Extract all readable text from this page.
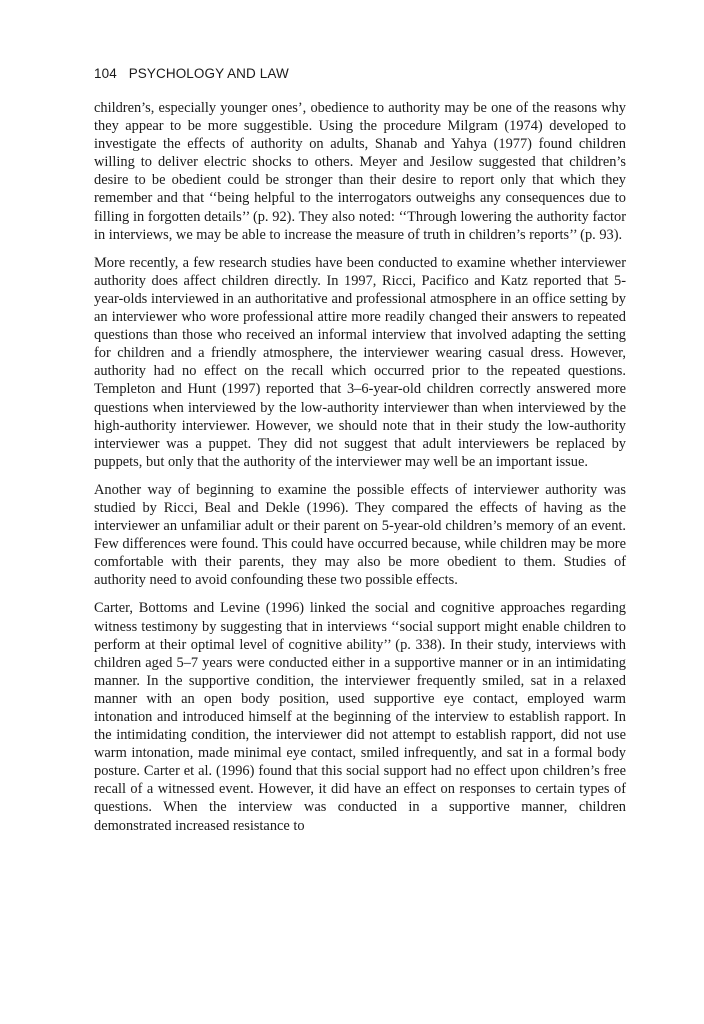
104 PSYCHOLOGY AND LAW

children’s, especially younger ones’, obedience to authority may be one of the reasons why they appear to be more suggestible. Using the procedure Milgram (1974) developed to investigate the effects of authority on adults, Shanab and Yahya (1977) found children willing to deliver electric shocks to others. Meyer and Jesilow suggested that children’s desire to be obedient could be stronger than their desire to report only that which they remember and that ‘‘being helpful to the interrogators outweighs any consequences due to filling in forgotten details’’ (p. 92). They also noted: ‘‘Through lowering the authority factor in interviews, we may be able to increase the measure of truth in children’s reports’’ (p. 93).

More recently, a few research studies have been conducted to examine whether interviewer authority does affect children directly. In 1997, Ricci, Pacifico and Katz reported that 5-year-olds interviewed in an authoritative and professional atmosphere in an office setting by an interviewer who wore professional attire more readily changed their answers to repeated questions than those who received an informal interview that involved adapting the setting for children and a friendly atmosphere, the interviewer wearing casual dress. However, authority had no effect on the recall which occurred prior to the repeated questions. Templeton and Hunt (1997) reported that 3–6-year-old children correctly answered more questions when interviewed by the low-authority interviewer than when interviewed by the high-authority interviewer. However, we should note that in their study the low-authority interviewer was a puppet. They did not suggest that adult interviewers be replaced by puppets, but only that the authority of the interviewer may well be an important issue.

Another way of beginning to examine the possible effects of interviewer authority was studied by Ricci, Beal and Dekle (1996). They compared the effects of having as the interviewer an unfamiliar adult or their parent on 5-year-old children’s memory of an event. Few differences were found. This could have occurred because, while children may be more comfortable with their parents, they may also be more obedient to them. Studies of authority need to avoid confounding these two possible effects.

Carter, Bottoms and Levine (1996) linked the social and cognitive approaches regarding witness testimony by suggesting that in interviews ‘‘social support might enable children to perform at their optimal level of cognitive ability’’ (p. 338). In their study, interviews with children aged 5–7 years were conducted either in a supportive manner or in an intimidating manner. In the supportive condition, the interviewer frequently smiled, sat in a relaxed manner with an open body position, used supportive eye contact, employed warm intonation and introduced himself at the beginning of the interview to establish rapport. In the intimidating condition, the interviewer did not attempt to establish rapport, did not use warm intonation, made minimal eye contact, smiled infrequently, and sat in a formal body posture. Carter et al. (1996) found that this social support had no effect upon children’s free recall of a witnessed event. However, it did have an effect on responses to certain types of questions. When the interview was conducted in a supportive manner, children demonstrated increased resistance to
